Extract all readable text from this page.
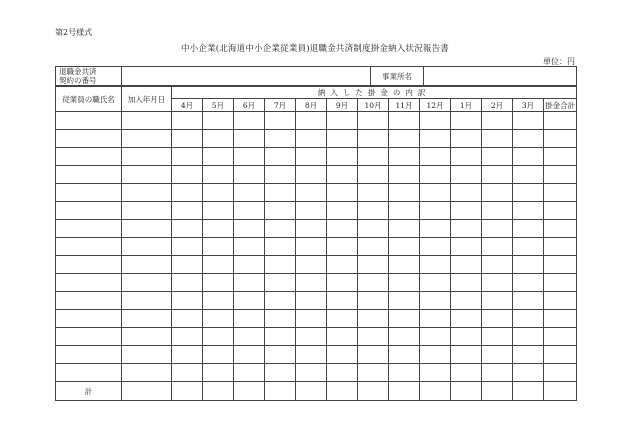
第2号様式
中小企業(北海道中小企業従業員)退職金共済制度掛金納入状況報告書
単位：円
退職金共済
契約の番号		事業所名	
従業員の職氏名	加入年月日	納入した掛金の内訳												
		4月	5月	6月	7月	8月	9月	10月	11月	12月	1月	2月	3月	掛金合計

計														
